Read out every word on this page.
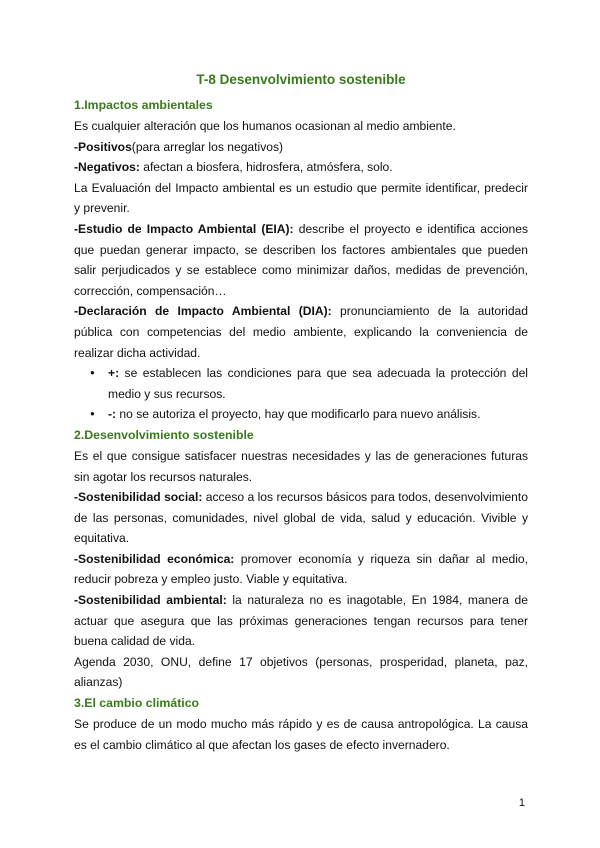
T-8 Desenvolvimiento sostenible
1.Impactos ambientales

Es cualquier alteración que los humanos ocasionan al medio ambiente.

-Positivos(para arreglar los negativos)

-Negativos: afectan a biosfera, hidrosfera, atmósfera, solo.

La Evaluación del Impacto ambiental es un estudio que permite identificar, predecir y prevenir.

-Estudio de Impacto Ambiental (EIA): describe el proyecto e identifica acciones que puedan generar impacto, se describen los factores ambientales que pueden salir perjudicados y se establece como minimizar daños, medidas de prevención, corrección, compensación…

-Declaración de Impacto Ambiental (DIA): pronunciamiento de la autoridad pública con competencias del medio ambiente, explicando la conveniencia de realizar dicha actividad.

● +: se establecen las condiciones para que sea adecuada la protección del medio y sus recursos.
● -: no se autoriza el proyecto, hay que modificarlo para nuevo análisis.
2.Desenvolvimiento sostenible

Es el que consigue satisfacer nuestras necesidades y las de generaciones futuras sin agotar los recursos naturales.

-Sostenibilidad social: acceso a los recursos básicos para todos, desenvolvimiento de las personas, comunidades, nivel global de vida, salud y educación. Vivible y equitativa.

-Sostenibilidad económica: promover economía y riqueza sin dañar al medio, reducir pobreza y empleo justo. Viable y equitativa.

-Sostenibilidad ambiental: la naturaleza no es inagotable, En 1984, manera de actuar que asegura que las próximas generaciones tengan recursos para tener buena calidad de vida.

Agenda 2030, ONU, define 17 objetivos (personas, prosperidad, planeta, paz, alianzas)

3.El cambio climático

Se produce de un modo mucho más rápido y es de causa antropológica. La causa es el cambio climático al que afectan los gases de efecto invernadero.

1
